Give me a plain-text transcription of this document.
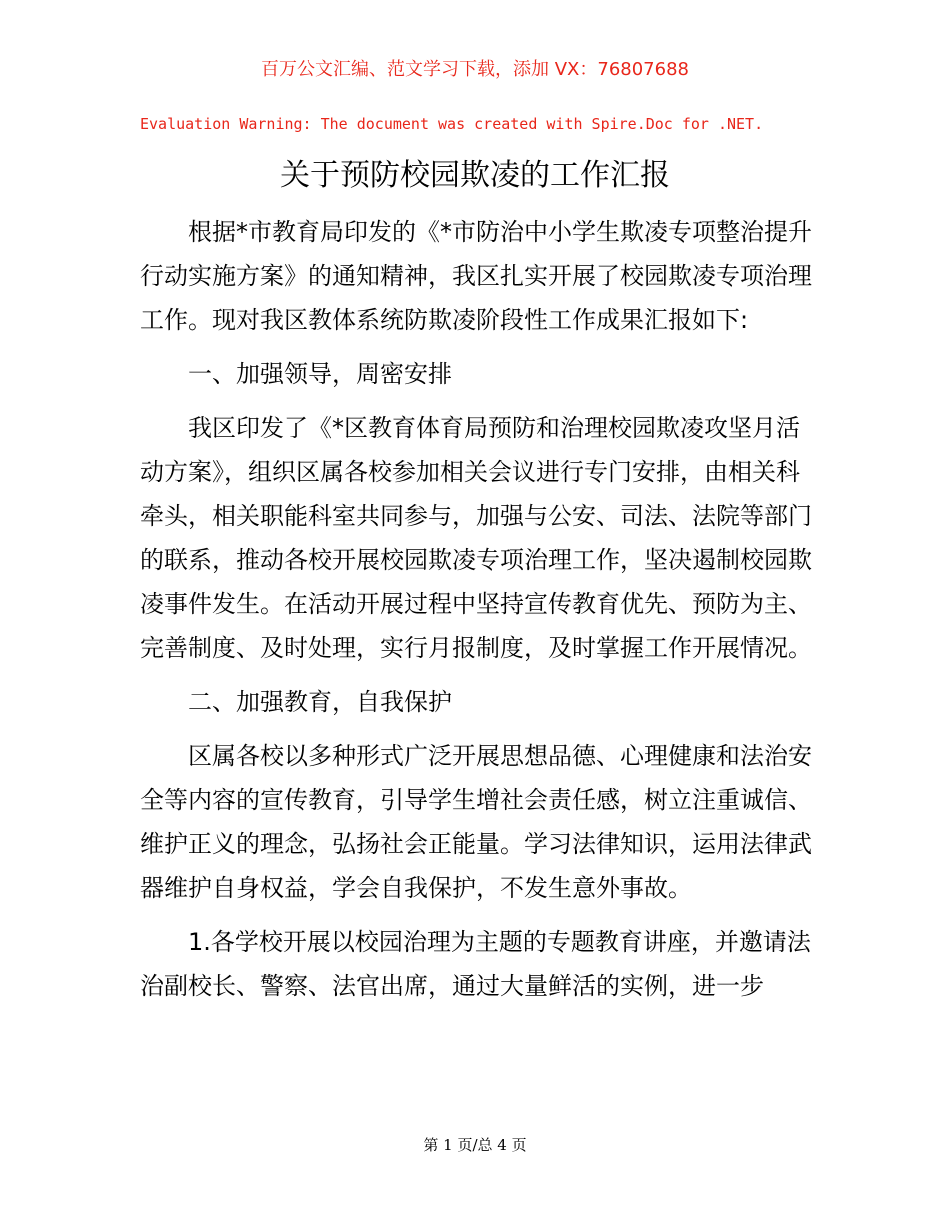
百万公文汇编、范文学习下载，添加 VX：76807688
Evaluation Warning: The document was created with Spire.Doc for .NET.
关于预防校园欺凌的工作汇报

根据*市教育局印发的《*市防治中小学生欺凌专项整治提升行动实施方案》的通知精神，我区扎实开展了校园欺凌专项治理工作。现对我区教体系统防欺凌阶段性工作成果汇报如下:

一、加强领导，周密安排

我区印发了《*区教育体育局预防和治理校园欺凌攻坚月活动方案》，组织区属各校参加相关会议进行专门安排，由相关科牵头，相关职能科室共同参与，加强与公安、司法、法院等部门的联系，推动各校开展校园欺凌专项治理工作，坚决遏制校园欺凌事件发生。在活动开展过程中坚持宣传教育优先、预防为主、完善制度、及时处理，实行月报制度，及时掌握工作开展情况。

二、加强教育，自我保护

区属各校以多种形式广泛开展思想品德、心理健康和法治安全等内容的宣传教育，引导学生增社会责任感，树立注重诚信、维护正义的理念，弘扬社会正能量。学习法律知识，运用法律武器维护自身权益，学会自我保护，不发生意外事故。

1.各学校开展以校园治理为主题的专题教育讲座，并邀请法治副校长、警察、法官出席，通过大量鲜活的实例，进一步

第 1 页/总 4 页
